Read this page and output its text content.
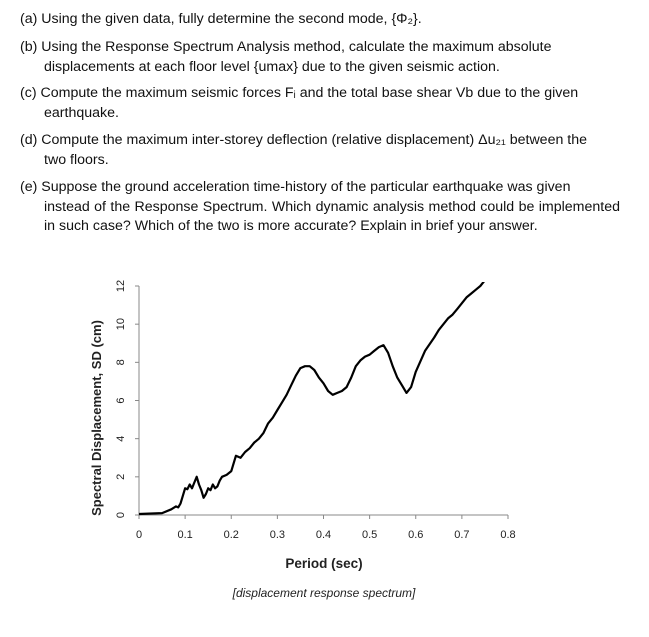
(a) Using the given data, fully determine the second mode, {Φ₂}.
(b) Using the Response Spectrum Analysis method, calculate the maximum absolute
displacements at each floor level {umax} due to the given seismic action.
(c) Compute the maximum seismic forces Fᵢ and the total base shear Vb due to the given
earthquake.
(d) Compute the maximum inter-storey deflection (relative displacement) Δu₂₁ between the
two floors.
(e) Suppose the ground acceleration time-history of the particular earthquake was given
instead of the Response Spectrum. Which dynamic analysis method could be implemented in such case? Which of the two is more accurate? Explain in brief your answer.
0
2
4
6
8
10
12
0	0.1	0.2	0.3	0.4	0.5	0.6	0.7	0.8
Spectral Displacement, SD (cm)
Period (sec)
[displacement response spectrum]
